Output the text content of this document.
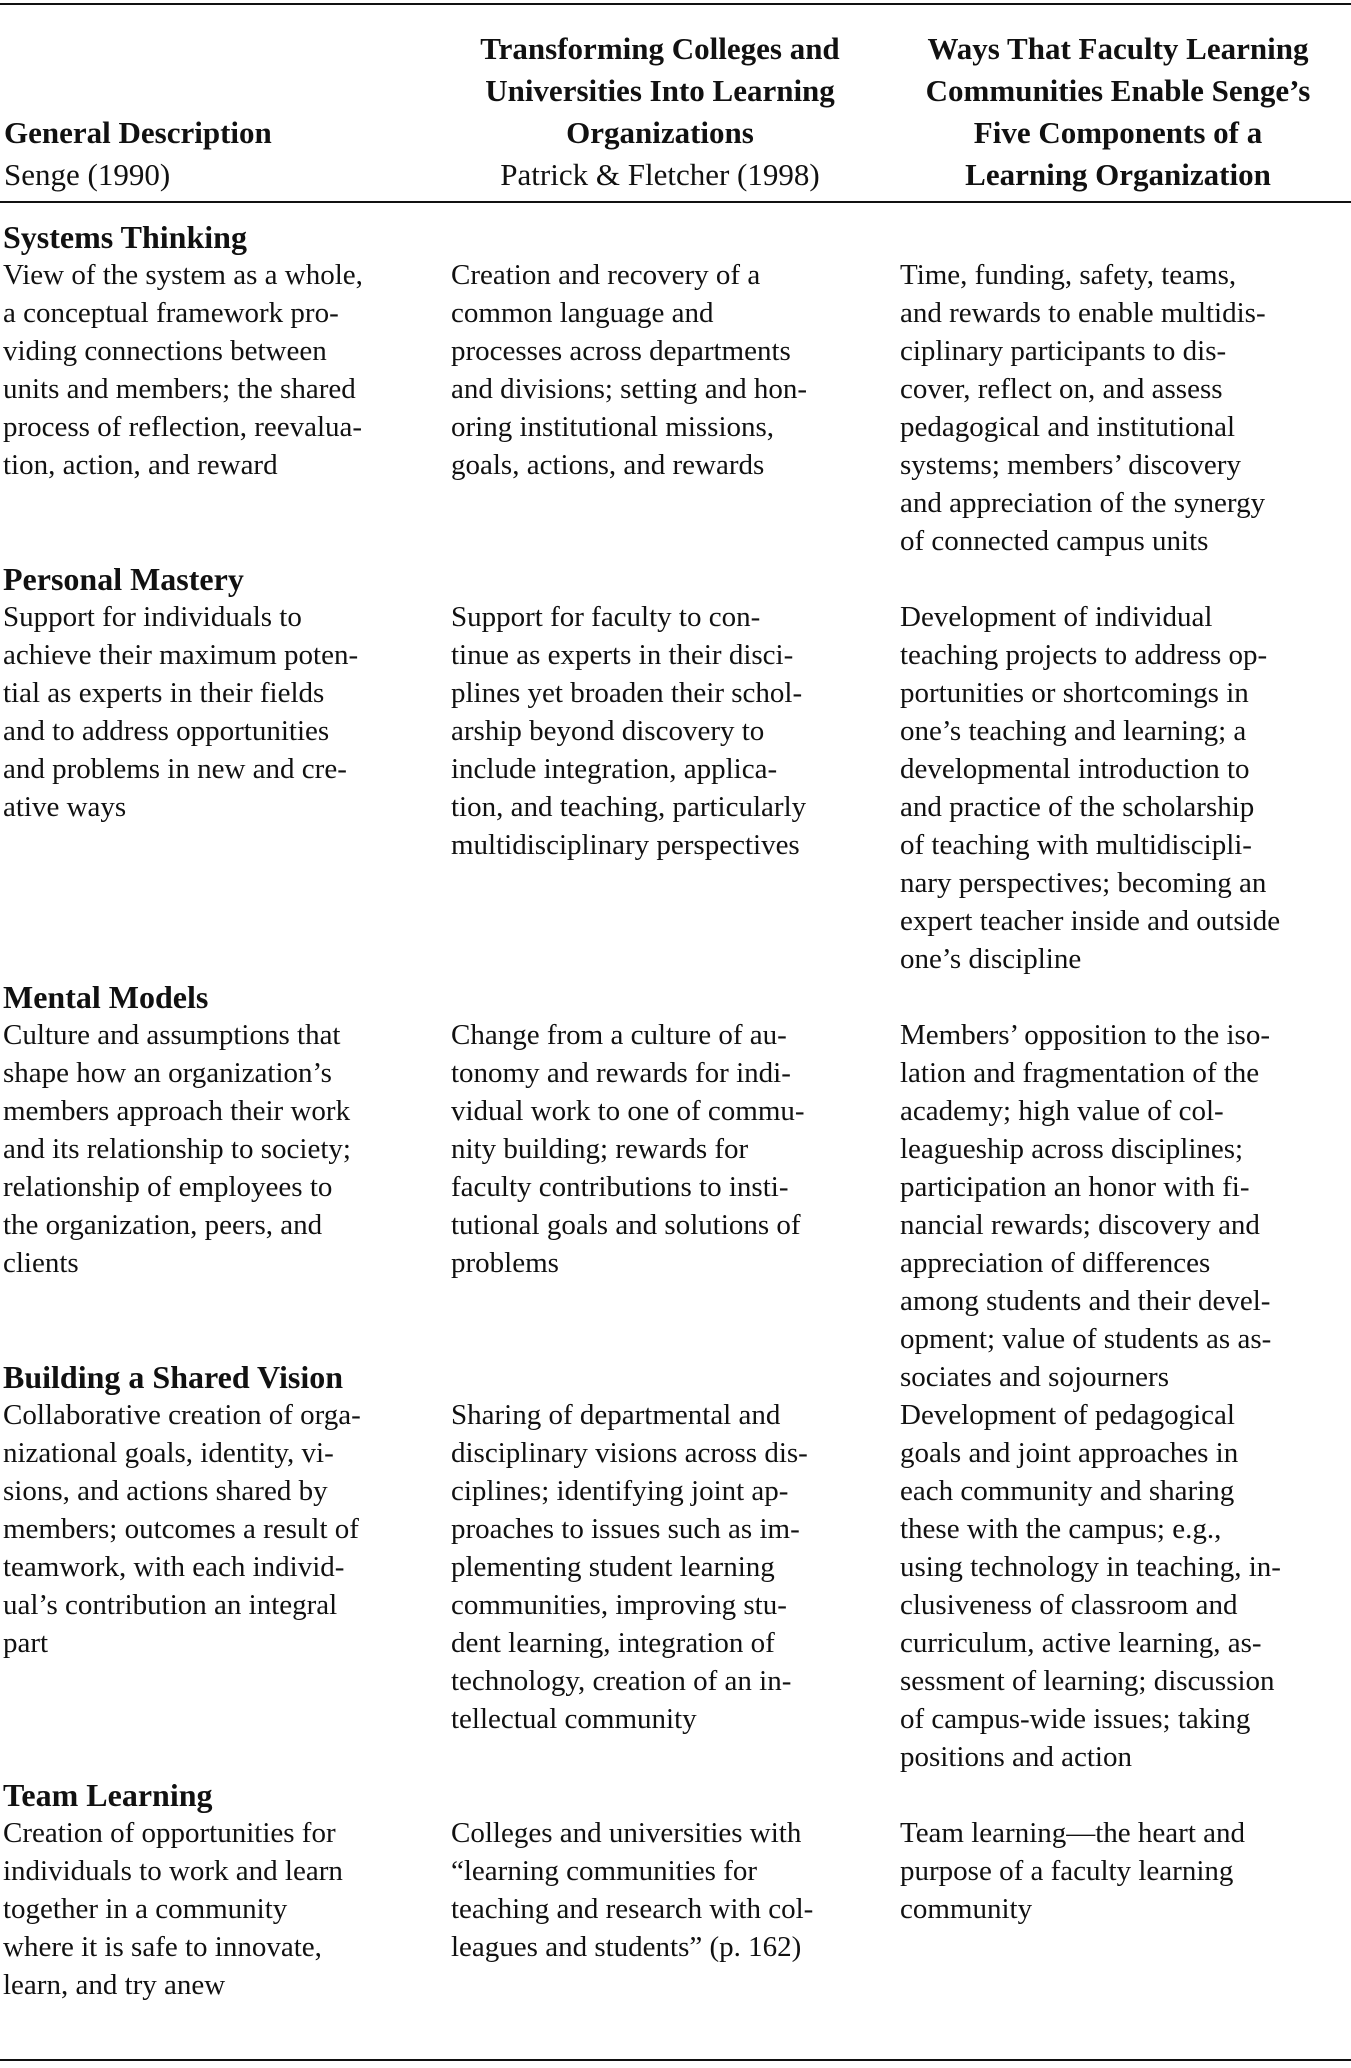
General Description
Senge (1990)
Transforming Colleges and
Universities Into Learning
Organizations
Patrick & Fletcher (1998)
Ways That Faculty Learning
Communities Enable Senge’s
Five Components of a
Learning Organization
Systems Thinking
View of the system as a whole,
a conceptual framework pro-
viding connections between
units and members; the shared
process of reflection, reevalua-
tion, action, and reward
Creation and recovery of a
common language and
processes across departments
and divisions; setting and hon-
oring institutional missions,
goals, actions, and rewards
Time, funding, safety, teams,
and rewards to enable multidis-
ciplinary participants to dis-
cover, reflect on, and assess
pedagogical and institutional
systems; members’ discovery
and appreciation of the synergy
of connected campus units
Personal Mastery
Support for individuals to
achieve their maximum poten-
tial as experts in their fields
and to address opportunities
and problems in new and cre-
ative ways
Support for faculty to con-
tinue as experts in their disci-
plines yet broaden their schol-
arship beyond discovery to
include integration, applica-
tion, and teaching, particularly
multidisciplinary perspectives
Development of individual
teaching projects to address op-
portunities or shortcomings in
one’s teaching and learning; a
developmental introduction to
and practice of the scholarship
of teaching with multidiscipli-
nary perspectives; becoming an
expert teacher inside and outside
one’s discipline
Mental Models
Culture and assumptions that
shape how an organization’s
members approach their work
and its relationship to society;
relationship of employees to
the organization, peers, and
clients
Change from a culture of au-
tonomy and rewards for indi-
vidual work to one of commu-
nity building; rewards for
faculty contributions to insti-
tutional goals and solutions of
problems
Members’ opposition to the iso-
lation and fragmentation of the
academy; high value of col-
leagueship across disciplines;
participation an honor with fi-
nancial rewards; discovery and
appreciation of differences
among students and their devel-
opment; value of students as as-
sociates and sojourners
Building a Shared Vision
Collaborative creation of orga-
nizational goals, identity, vi-
sions, and actions shared by
members; outcomes a result of
teamwork, with each individ-
ual’s contribution an integral
part
Sharing of departmental and
disciplinary visions across dis-
ciplines; identifying joint ap-
proaches to issues such as im-
plementing student learning
communities, improving stu-
dent learning, integration of
technology, creation of an in-
tellectual community
Development of pedagogical
goals and joint approaches in
each community and sharing
these with the campus; e.g.,
using technology in teaching, in-
clusiveness of classroom and
curriculum, active learning, as-
sessment of learning; discussion
of campus-wide issues; taking
positions and action
Team Learning
Creation of opportunities for
individuals to work and learn
together in a community
where it is safe to innovate,
learn, and try anew
Colleges and universities with
“learning communities for
teaching and research with col-
leagues and students” (p. 162)
Team learning—the heart and
purpose of a faculty learning
community
